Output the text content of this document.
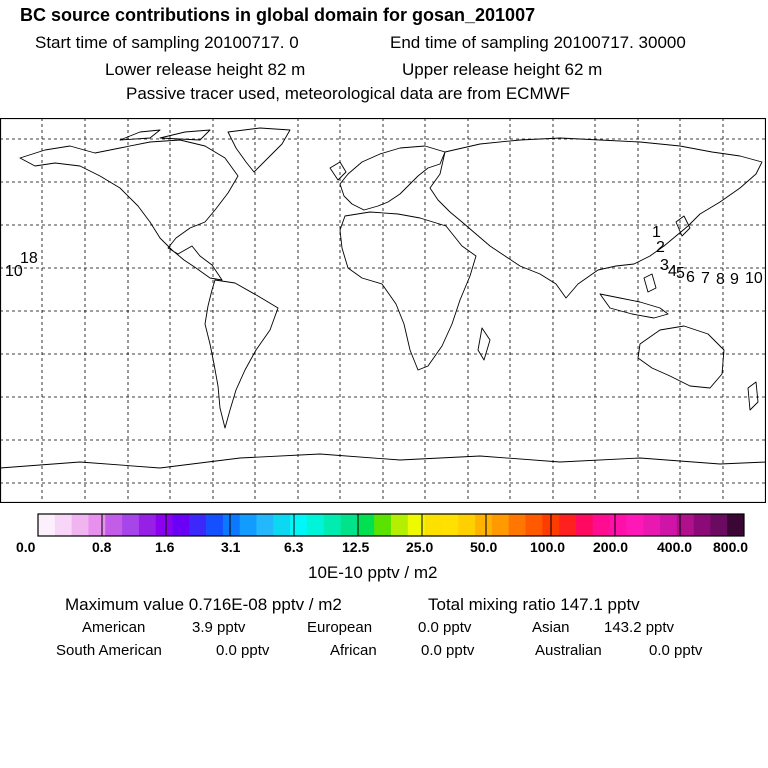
BC source contributions in global domain for gosan_201007
Start time of sampling 20100717. 0	End time of sampling 20100717. 30000
Lower release height 82 m	Upper release height 62 m
Passive tracer used, meteorological data are from ECMWF
1
2
3 4 5 6 7 8 9 10
18
10
0.0	0.8	1.6	3.1	6.3	12.5	25.0	50.0 100.0 200.0 400.0 800.0
10E-10 pptv / m2
Maximum value 0.716E-08 pptv / m2	Total mixing ratio 147.1 pptv
American	3.9 pptv	European	0.0 pptv	Asian 143.2 pptv
South American	0.0 pptv	African	0.0 pptv	Australian	0.0 pptv
